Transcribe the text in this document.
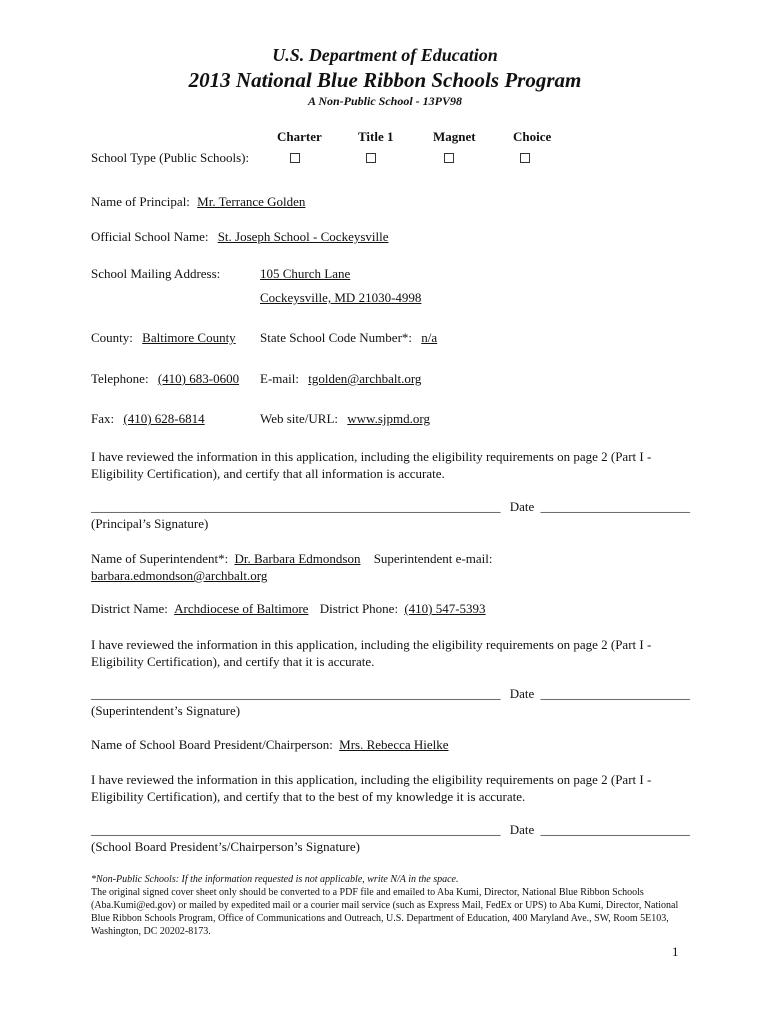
U.S. Department of Education
2013 National Blue Ribbon Schools Program
A Non-Public School - 13PV98
Charter	Title 1	Magnet	Choice
School Type (Public Schools):
Name of Principal: Mr. Terrance Golden
Official School Name: St. Joseph School - Cockeysville
School Mailing Address:	105 Church Lane
Cockeysville, MD 21030-4998
County: Baltimore County State School Code Number*: n/a
Telephone: (410) 683-0600 E-mail: tgolden@archbalt.org
Fax: (410) 628-6814	Web site/URL: www.sjpmd.org
I have reviewed the information in this application, including the eligibility requirements on page 2 (Part I - Eligibility Certification), and certify that all information is accurate.
_______________________________________________________________ Date _______________________
(Principal’s Signature)
Name of Superintendent*: Dr. Barbara Edmondson Superintendent e-mail:
barbara.edmondson@archbalt.org
District Name: Archdiocese of Baltimore District Phone: (410) 547-5393
I have reviewed the information in this application, including the eligibility requirements on page 2 (Part I - Eligibility Certification), and certify that it is accurate.
_______________________________________________________________ Date _______________________
(Superintendent’s Signature)
Name of School Board President/Chairperson: Mrs. Rebecca Hielke
I have reviewed the information in this application, including the eligibility requirements on page 2 (Part I - Eligibility Certification), and certify that to the best of my knowledge it is accurate.
_______________________________________________________________ Date _______________________
(School Board President’s/Chairperson’s Signature)
*Non-Public Schools: If the information requested is not applicable, write N/A in the space.
The original signed cover sheet only should be converted to a PDF file and emailed to Aba Kumi, Director, National Blue Ribbon Schools (Aba.Kumi@ed.gov) or mailed by expedited mail or a courier mail service (such as Express Mail, FedEx or UPS) to Aba Kumi, Director, National Blue Ribbon Schools Program, Office of Communications and Outreach, U.S. Department of Education, 400 Maryland Ave., SW, Room 5E103, Washington, DC 20202-8173.
1
